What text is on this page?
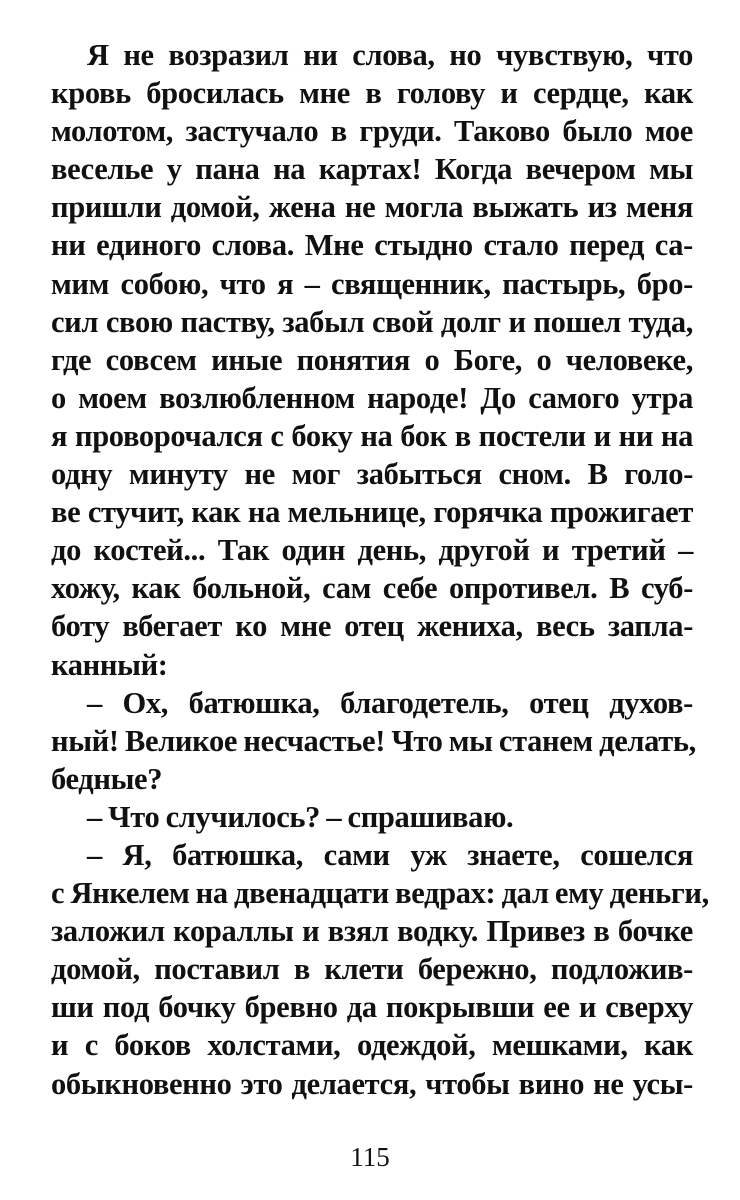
Я не возразил ни слова, но чувствую, что
кровь бросилась мне в голову и сердце, как
молотом, застучало в груди. Таково было мое
веселье у пана на картах! Когда вечером мы
пришли домой, жена не могла выжать из меня
ни единого слова. Мне стыдно стало перед са-
мим собою, что я – священник, пастырь, бро-
сил свою паству, забыл свой долг и пошел туда,
где совсем иные понятия о Боге, о человеке,
о моем возлюбленном народе! До самого утра
я проворочался с боку на бок в постели и ни на
одну минуту не мог забыться сном. В голо-
ве стучит, как на мельнице, горячка прожигает
до костей... Так один день, другой и третий –
хожу, как больной, сам себе опротивел. В суб-
боту вбегает ко мне отец жениха, весь запла-
канный:
– Ох, батюшка, благодетель, отец духов-
ный! Великое несчастье! Что мы станем делать,
бедные?
– Что случилось? – спрашиваю.
– Я, батюшка, сами уж знаете, сошелся
с Янкелем на двенадцати ведрах: дал ему деньги,
заложил кораллы и взял водку. Привез в бочке
домой, поставил в клети бережно, подложив-
ши под бочку бревно да покрывши ее и сверху
и с боков холстами, одеждой, мешками, как
обыкновенно это делается, чтобы вино не усы-
115
